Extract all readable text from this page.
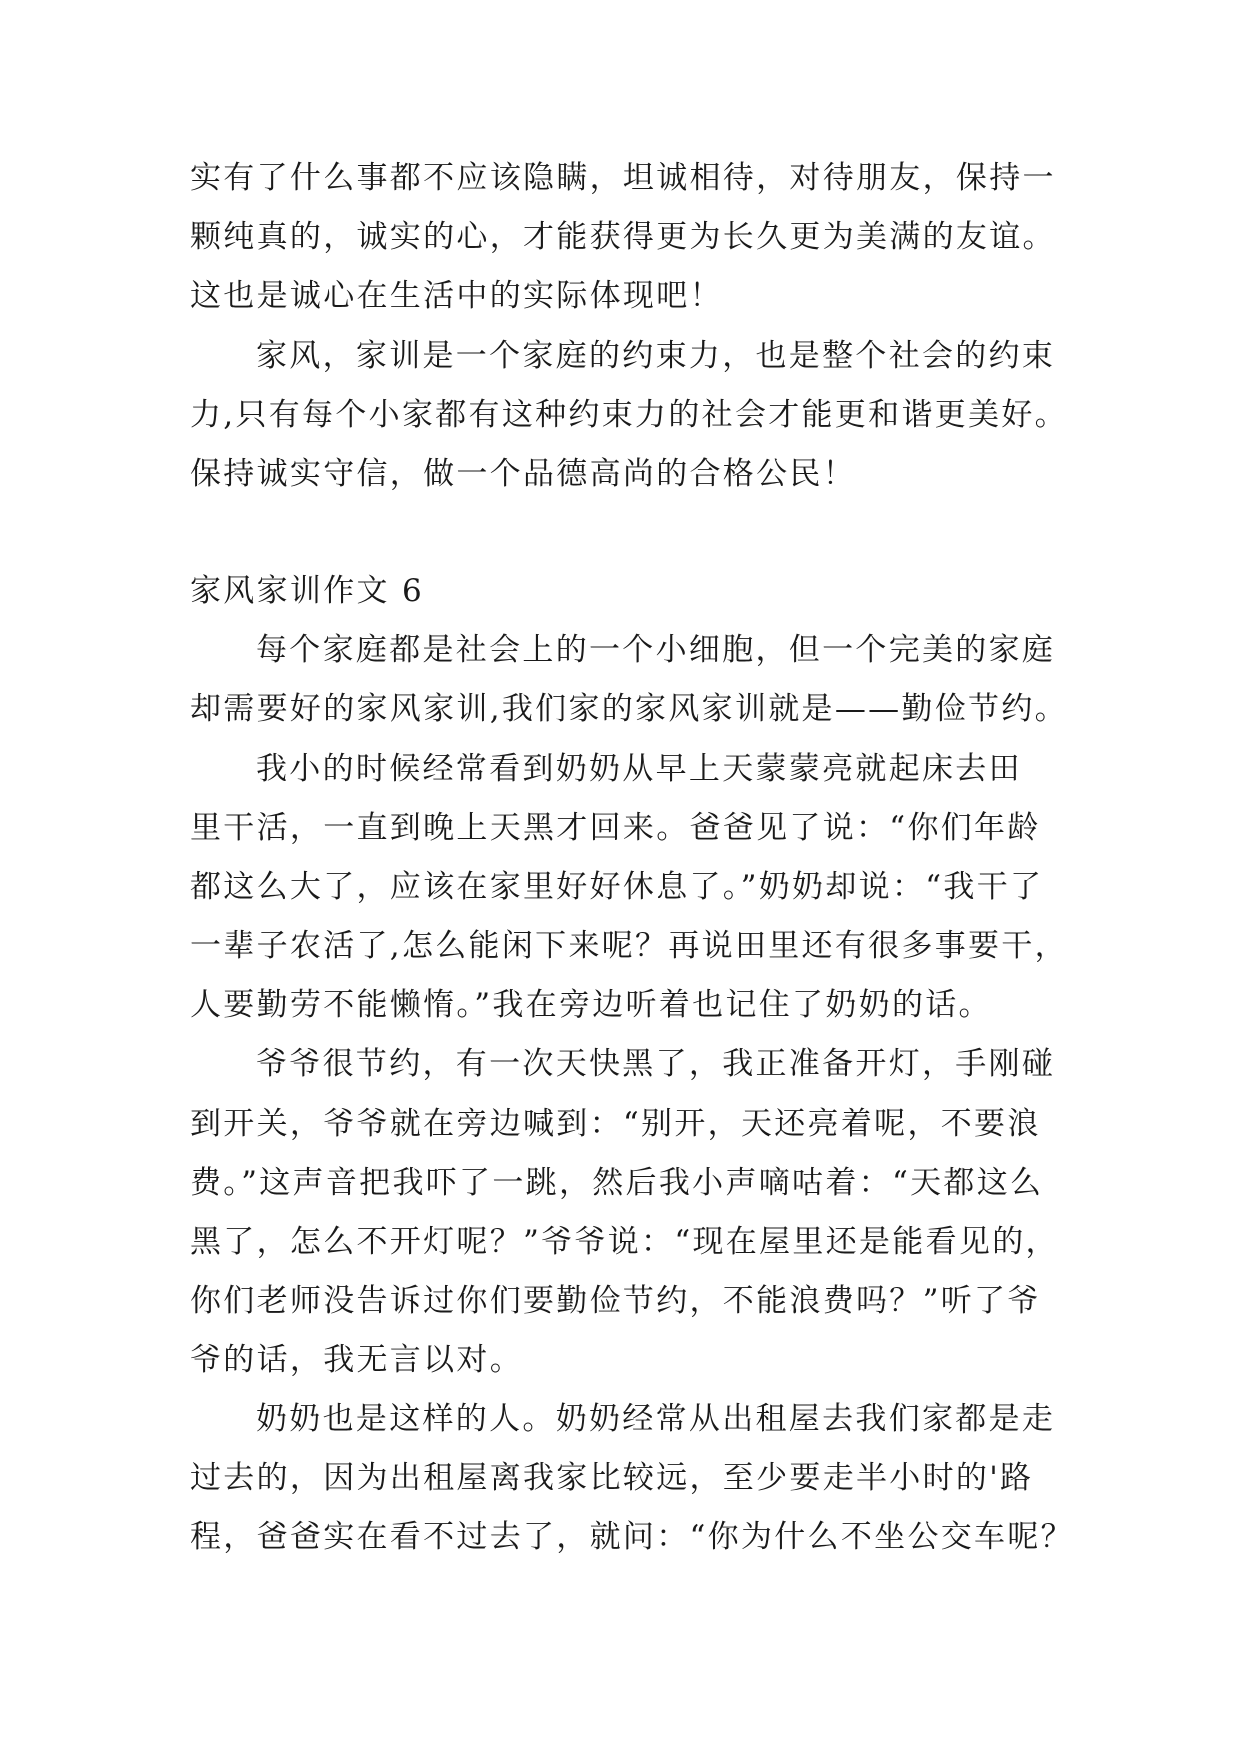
实有了什么事都不应该隐瞒，坦诚相待，对待朋友，保持一
颗纯真的，诚实的心，才能获得更为长久更为美满的友谊。
这也是诚心在生活中的实际体现吧！
家风，家训是一个家庭的约束力，也是整个社会的约束
力,只有每个小家都有这种约束力的社会才能更和谐更美好。
保持诚实守信，做一个品德高尚的合格公民！
家风家训作文 6
每个家庭都是社会上的一个小细胞，但一个完美的家庭
却需要好的家风家训,我们家的家风家训就是——勤俭节约。
我小的时候经常看到奶奶从早上天蒙蒙亮就起床去田
里干活，一直到晚上天黑才回来。爸爸见了说：“你们年龄
都这么大了，应该在家里好好休息了。”奶奶却说：“我干了
一辈子农活了,怎么能闲下来呢？再说田里还有很多事要干，
人要勤劳不能懒惰。”我在旁边听着也记住了奶奶的话。
爷爷很节约，有一次天快黑了，我正准备开灯，手刚碰
到开关，爷爷就在旁边喊到：“别开，天还亮着呢，不要浪
费。”这声音把我吓了一跳，然后我小声嘀咕着：“天都这么
黑了，怎么不开灯呢？”爷爷说：“现在屋里还是能看见的，
你们老师没告诉过你们要勤俭节约，不能浪费吗？”听了爷
爷的话，我无言以对。
奶奶也是这样的人。奶奶经常从出租屋去我们家都是走
过去的，因为出租屋离我家比较远，至少要走半小时的'路
程，爸爸实在看不过去了，就问：“你为什么不坐公交车呢？
